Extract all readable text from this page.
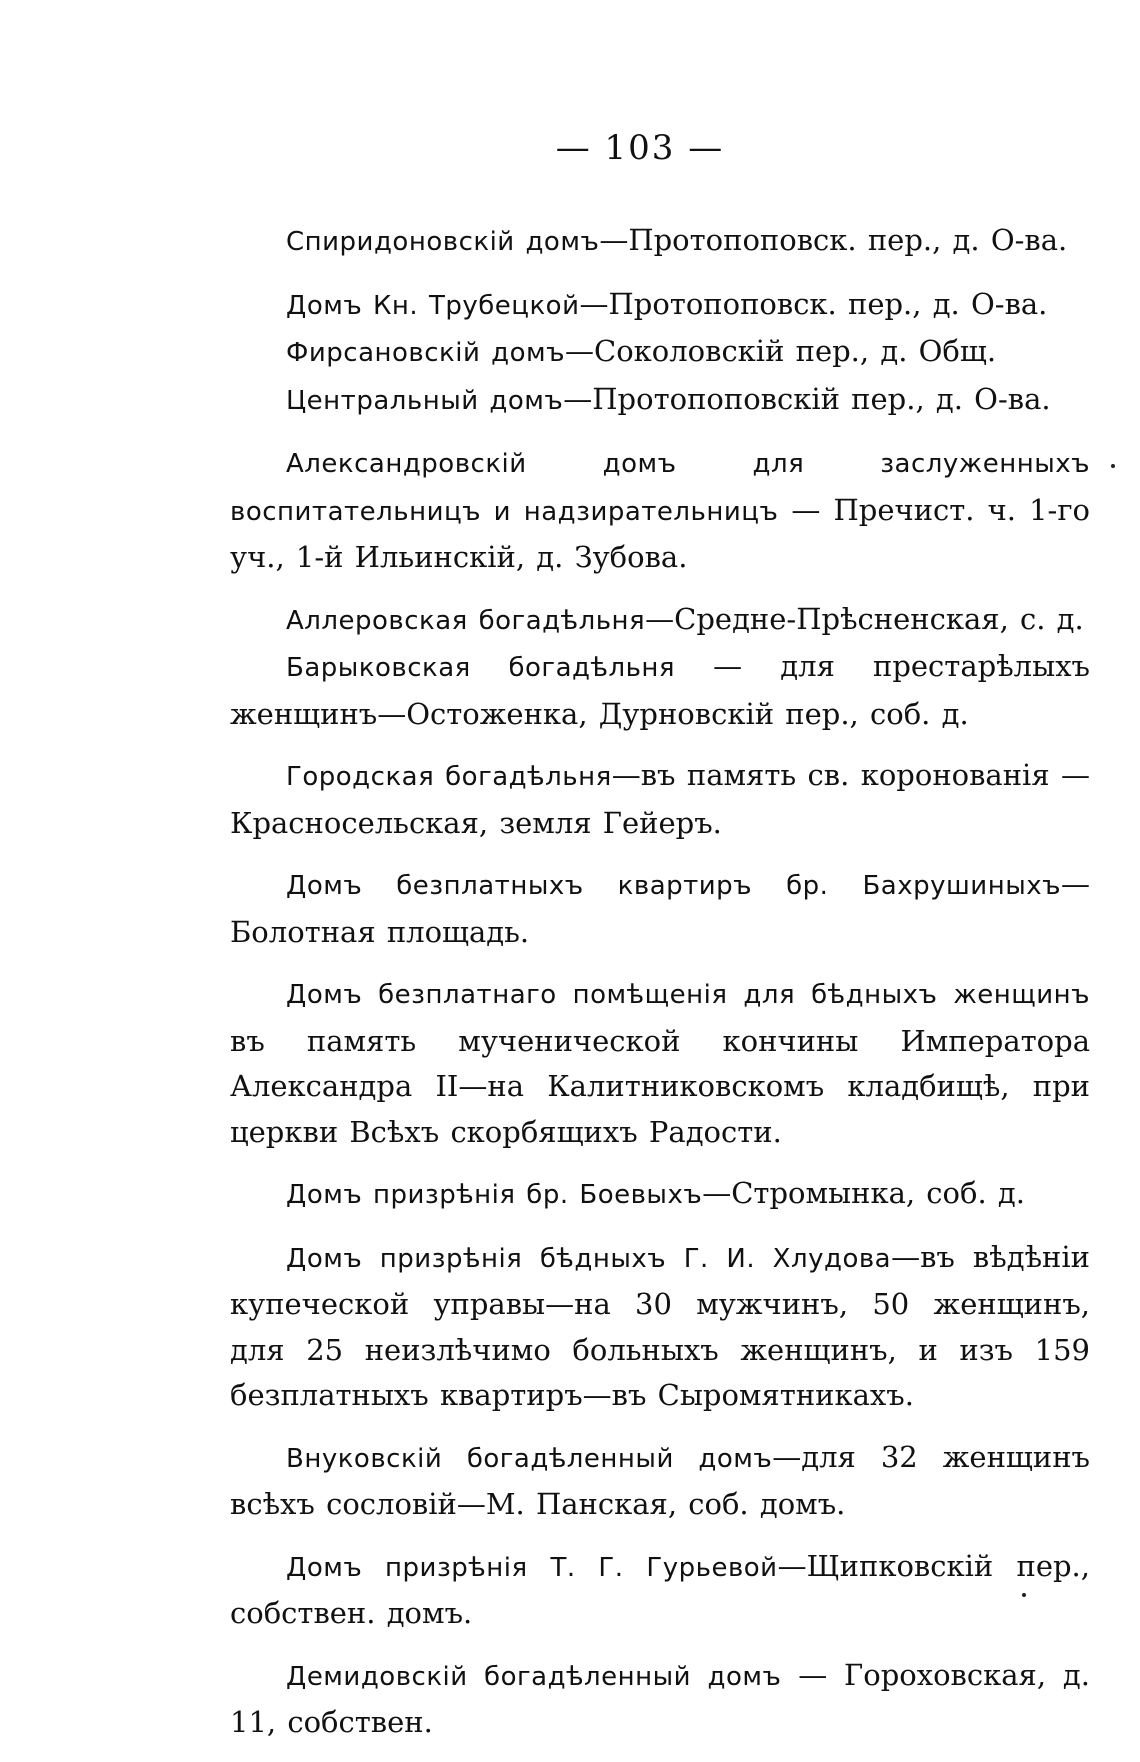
— 103 —

Спиридоновскiй домъ—Протопоповск. пер., д. О-ва.

Домъ Кн. Трубецкой—Протопоповск. пер., д. О-ва.

Фирсановскiй домъ—Соколовскiй пер., д. Общ.

Центральный домъ—Протопоповскiй пер., д. О-ва.

Александровскiй домъ для заслуженныхъ воспитательницъ и надзирательницъ — Пречист. ч. 1-го уч., 1-й Ильинскiй, д. Зубова.

Аллеровская богадѣльня—Средне-Прѣсненская, с. д.

Барыковская богадѣльня — для престарѣлыхъ женщинъ—Остоженка, Дурновскiй пер., соб. д.

Городская богадѣльня—въ память св. коронованiя —Красносельская, земля Гейеръ.

Домъ безплатныхъ квартиръ бр. Бахрушиныхъ—Болотная площадь.

Домъ безплатнаго помѣщенiя для бѣдныхъ женщинъ въ память мученической кончины Императора Александра II—на Калитниковскомъ кладбищѣ, при церкви Всѣхъ скорбящихъ Радости.

Домъ призрѣнiя бр. Боевыхъ—Стромынка, соб. д.

Домъ призрѣнiя бѣдныхъ Г. И. Хлудова—въ вѣдѣнiи купеческой управы—на 30 мужчинъ, 50 женщинъ, для 25 неизлѣчимо больныхъ женщинъ, и изъ 159 безплатныхъ квартиръ—въ Сыромятникахъ.

Внуковскiй богадѣленный домъ—для 32 женщинъ всѣхъ сословiй—М. Панская, соб. домъ.

Домъ призрѣнiя Т. Г. Гурьевой—Щипковскiй пер., собствен. домъ.

Демидовскiй богадѣленный домъ — Гороховская, д. 11, собствен.
